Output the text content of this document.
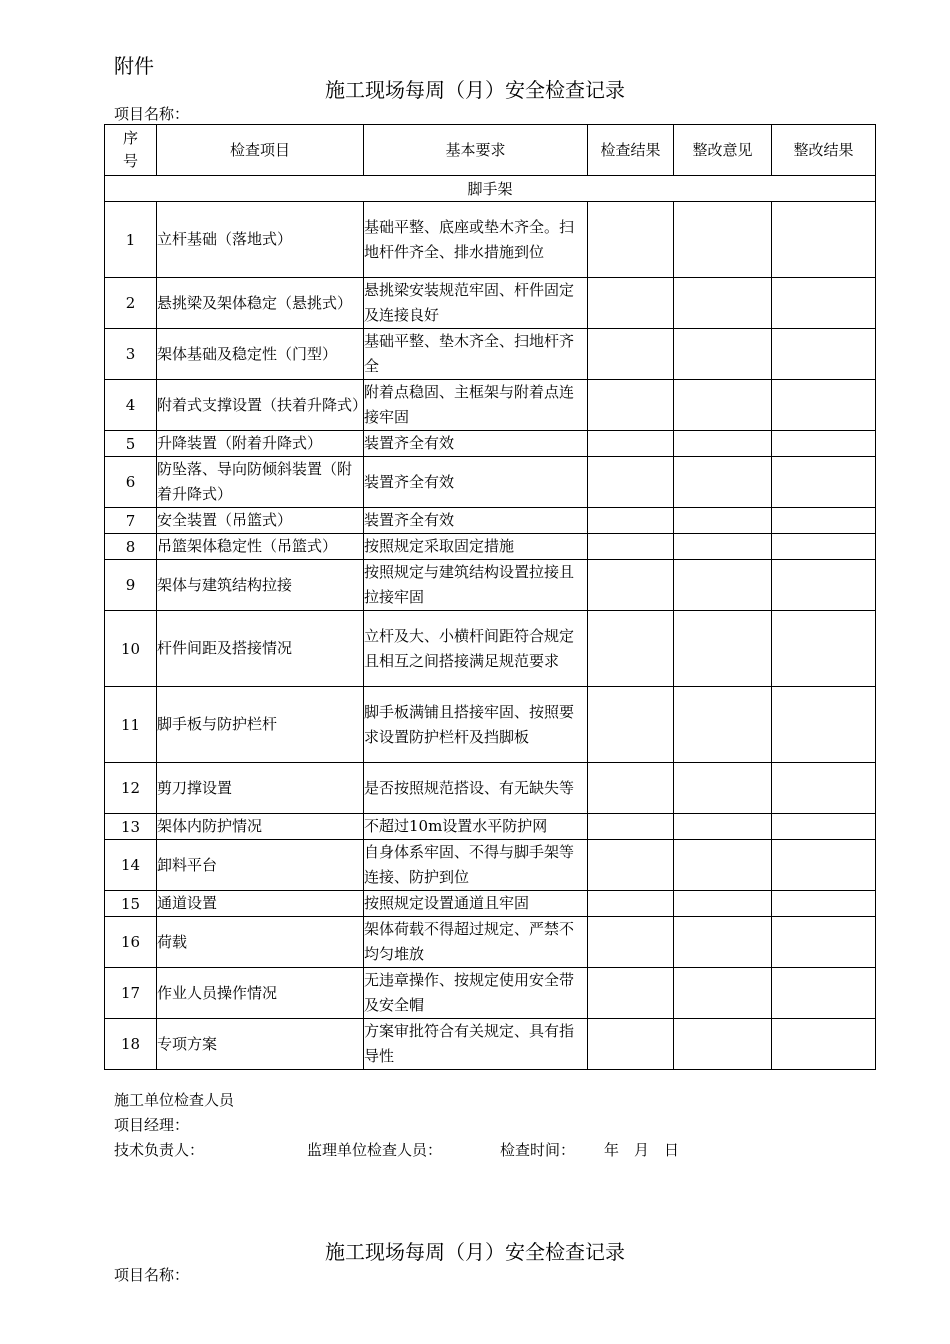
附件
施工现场每周（月）安全检查记录
项目名称：
序号	检查项目	基本要求	检查结果	整改意见	整改结果
脚手架					
1	立杆基础（落地式）	基础平整、底座或垫木齐全。扫地杆件齐全、排水措施到位			
2	悬挑梁及架体稳定（悬挑式）	悬挑梁安装规范牢固、杆件固定及连接良好			
3	架体基础及稳定性（门型）	基础平整、垫木齐全、扫地杆齐全			
4	附着式支撑设置（扶着升降式）	附着点稳固、主框架与附着点连接牢固			
5	升降装置（附着升降式）	装置齐全有效			
6	防坠落、导向防倾斜装置（附着升降式）	装置齐全有效			
7	安全装置（吊篮式）	装置齐全有效			
8	吊篮架体稳定性（吊篮式）	按照规定采取固定措施			
9	架体与建筑结构拉接	按照规定与建筑结构设置拉接且拉接牢固			
10	杆件间距及搭接情况	立杆及大、小横杆间距符合规定且相互之间搭接满足规范要求			
11	脚手板与防护栏杆	脚手板满铺且搭接牢固、按照要求设置防护栏杆及挡脚板			
12	剪刀撑设置	是否按照规范搭设、有无缺失等			
13	架体内防护情况	不超过10m设置水平防护网			
14	卸料平台	自身体系牢固、不得与脚手架等连接、防护到位			
15	通道设置	按照规定设置通道且牢固			
16	荷载	架体荷载不得超过规定、严禁不均匀堆放			
17	作业人员操作情况	无违章操作、按规定使用安全带及安全帽			
18	专项方案	方案审批符合有关规定、具有指导性			
施工单位检查人员
项目经理：
技术负责人：	监理单位检查人员：	检查时间： 年　月　日
施工现场每周（月）安全检查记录
项目名称：
